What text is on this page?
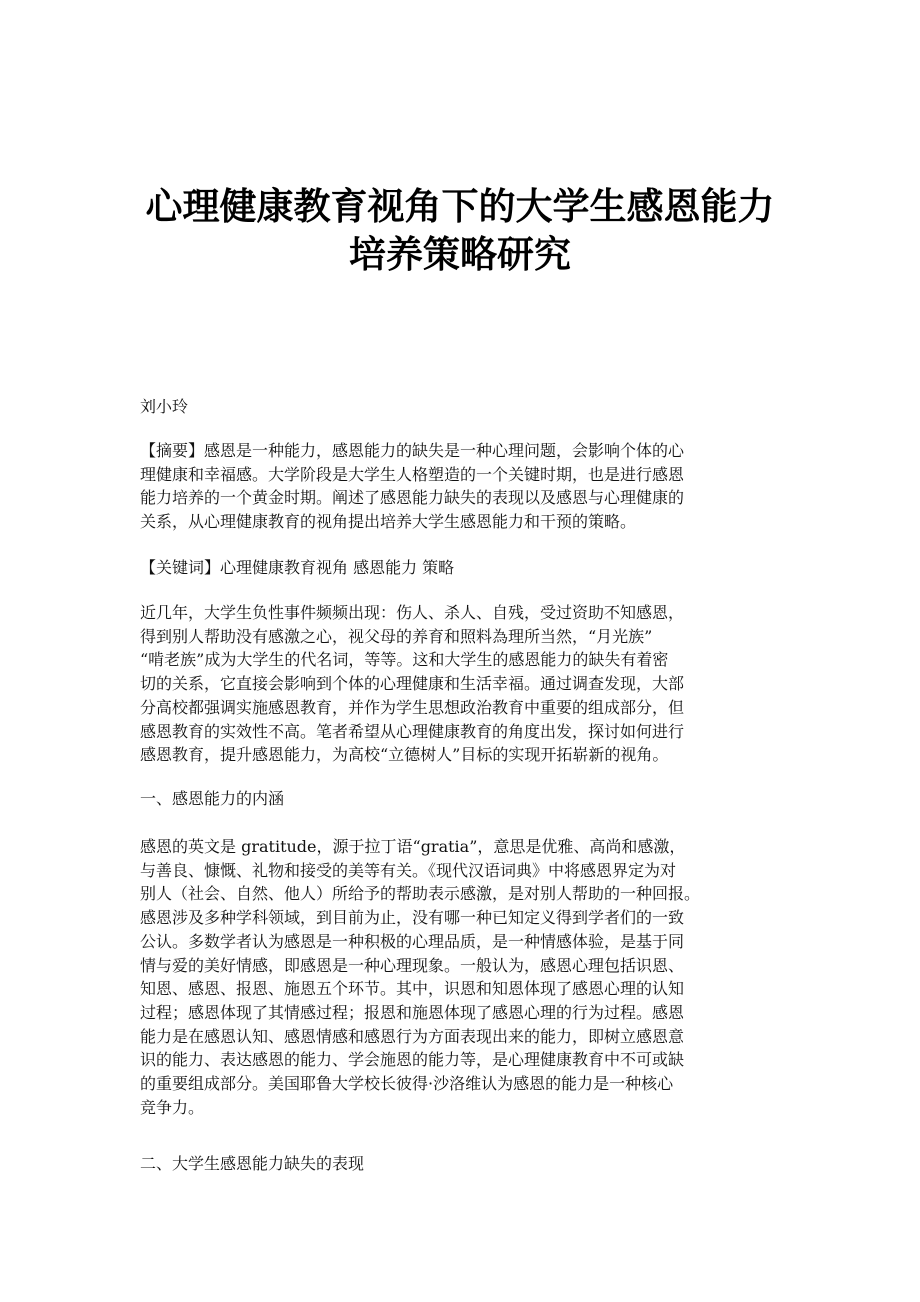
心理健康教育视角下的大学生感恩能力
培养策略研究
刘小玲
【摘要】感恩是一种能力，感恩能力的缺失是一种心理问题，会影响个体的心
理健康和幸福感。大学阶段是大学生人格塑造的一个关键时期，也是进行感恩
能力培养的一个黄金时期。阐述了感恩能力缺失的表现以及感恩与心理健康的
关系，从心理健康教育的视角提出培养大学生感恩能力和干预的策略。
【关键词】心理健康教育视角 感恩能力 策略
近几年，大学生负性事件频频出现：伤人、杀人、自残，受过资助不知感恩，
得到别人帮助没有感激之心，视父母的养育和照料為理所当然，“月光族”
“啃老族”成为大学生的代名词，等等。这和大学生的感恩能力的缺失有着密
切的关系，它直接会影响到个体的心理健康和生活幸福。通过调查发现，大部
分高校都强调实施感恩教育，并作为学生思想政治教育中重要的组成部分，但
感恩教育的实效性不高。笔者希望从心理健康教育的角度出发，探讨如何进行
感恩教育，提升感恩能力，为高校“立德树人”目标的实现开拓崭新的视角。
一、感恩能力的内涵
感恩的英文是 gratitude，源于拉丁语“gratia”，意思是优雅、高尚和感激，
与善良、慷慨、礼物和接受的美等有关。《现代汉语词典》中将感恩界定为对
别人（社会、自然、他人）所给予的帮助表示感激，是对别人帮助的一种回报。
感恩涉及多种学科领域，到目前为止，没有哪一种已知定义得到学者们的一致
公认。多数学者认为感恩是一种积极的心理品质，是一种情感体验，是基于同
情与爱的美好情感，即感恩是一种心理现象。一般认为，感恩心理包括识恩、
知恩、感恩、报恩、施恩五个环节。其中，识恩和知恩体现了感恩心理的认知
过程；感恩体现了其情感过程；报恩和施恩体现了感恩心理的行为过程。感恩
能力是在感恩认知、感恩情感和感恩行为方面表现出来的能力，即树立感恩意
识的能力、表达感恩的能力、学会施恩的能力等，是心理健康教育中不可或缺
的重要组成部分。美国耶鲁大学校长彼得·沙洛维认为感恩的能力是一种核心
竞争力。
二、大学生感恩能力缺失的表现
